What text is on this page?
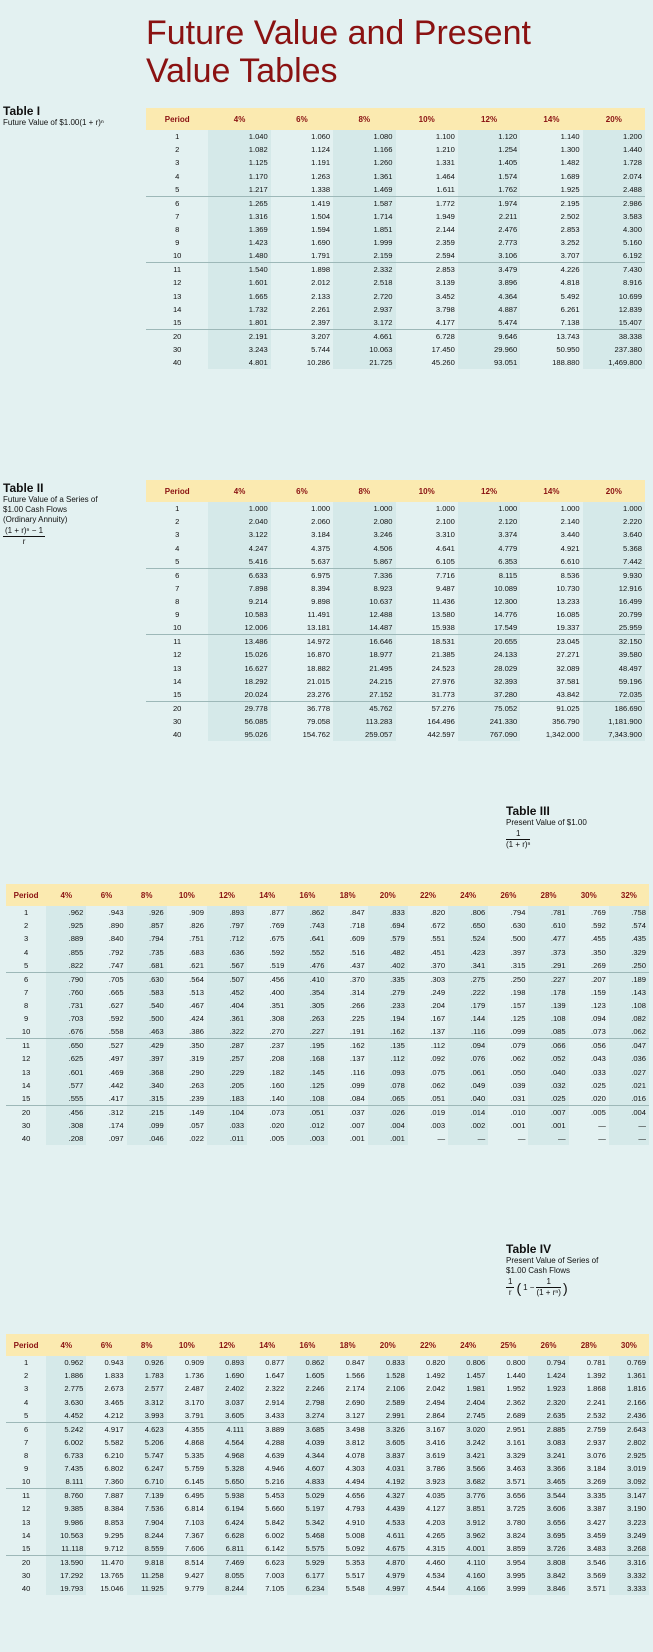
Future Value and Present
Value Tables
Table I
Future Value of $1.00(1 + r)ⁿ	Period	4%	6%	8%	10%	12%	14%	20%
1	1.040	1.060	1.080	1.100	1.120	1.140	1.200
2	1.082	1.124	1.166	1.210	1.254	1.300	1.440
3	1.125	1.191	1.260	1.331	1.405	1.482	1.728
4	1.170	1.263	1.361	1.464	1.574	1.689	2.074
5	1.217	1.338	1.469	1.611	1.762	1.925	2.488
6	1.265	1.419	1.587	1.772	1.974	2.195	2.986
7	1.316	1.504	1.714	1.949	2.211	2.502	3.583
8	1.369	1.594	1.851	2.144	2.476	2.853	4.300
9	1.423	1.690	1.999	2.359	2.773	3.252	5.160
10	1.480	1.791	2.159	2.594	3.106	3.707	6.192
11	1.540	1.898	2.332	2.853	3.479	4.226	7.430
12	1.601	2.012	2.518	3.139	3.896	4.818	8.916
13	1.665	2.133	2.720	3.452	4.364	5.492	10.699
14	1.732	2.261	2.937	3.798	4.887	6.261	12.839
15	1.801	2.397	3.172	4.177	5.474	7.138	15.407
20	2.191	3.207	4.661	6.728	9.646	13.743	38.338
30	3.243	5.744	10.063	17.450	29.960	50.950	237.380
40	4.801	10.286	21.725	45.260	93.051	188.880	1,469.800
Table II
Future Value of a Series of
$1.00 Cash Flows
(Ordinary Annuity)
$\frac{\text{(1 + r)ⁿ − 1}}{r}$
Period	4%	6%	8%	10%	12%	14%	20%
1	1.000	1.000	1.000	1.000	1.000	1.000	1.000
2	2.040	2.060	2.080	2.100	2.120	2.140	2.220
3	3.122	3.184	3.246	3.310	3.374	3.440	3.640
4	4.247	4.375	4.506	4.641	4.779	4.921	5.368
5	5.416	5.637	5.867	6.105	6.353	6.610	7.442
6	6.633	6.975	7.336	7.716	8.115	8.536	9.930
7	7.898	8.394	8.923	9.487	10.089	10.730	12.916
8	9.214	9.898	10.637	11.436	12.300	13.233	16.499
9	10.583	11.491	12.488	13.580	14.776	16.085	20.799
10	12.006	13.181	14.487	15.938	17.549	19.337	25.959
11	13.486	14.972	16.646	18.531	20.655	23.045	32.150
12	15.026	16.870	18.977	21.385	24.133	27.271	39.580
13	16.627	18.882	21.495	24.523	28.029	32.089	48.497
14	18.292	21.015	24.215	27.976	32.393	37.581	59.196
15	20.024	23.276	27.152	31.773	37.280	43.842	72.035
20	29.778	36.778	45.762	57.276	75.052	91.025	186.690
30	56.085	79.058	113.283	164.496	241.330	356.790	1,181.900
40	95.026	154.762	259.057	442.597	767.090	1,342.000	7,343.900
Table III
Present Value of $1.00
$\frac{1}{\text{(1 + r)ⁿ}}$
Period	4%	6%	8%	10%	12%	14%	16%	18%	20%	22%	24%	26%	28%	30%	32%
1	.962	.943	.926	.909	.893	.877	.862	.847	.833	.820	.806	.794	.781	.769	.758
2	.925	.890	.857	.826	.797	.769	.743	.718	.694	.672	.650	.630	.610	.592	.574
3	.889	.840	.794	.751	.712	.675	.641	.609	.579	.551	.524	.500	.477	.455	.435
4	.855	.792	.735	.683	.636	.592	.552	.516	.482	.451	.423	.397	.373	.350	.329
5	.822	.747	.681	.621	.567	.519	.476	.437	.402	.370	.341	.315	.291	.269	.250
6	.790	.705	.630	.564	.507	.456	.410	.370	.335	.303	.275	.250	.227	.207	.189
7	.760	.665	.583	.513	.452	.400	.354	.314	.279	.249	.222	.198	.178	.159	.143
8	.731	.627	.540	.467	.404	.351	.305	.266	.233	.204	.179	.157	.139	.123	.108
9	.703	.592	.500	.424	.361	.308	.263	.225	.194	.167	.144	.125	.108	.094	.082
10	.676	.558	.463	.386	.322	.270	.227	.191	.162	.137	.116	.099	.085	.073	.062
11	.650	.527	.429	.350	.287	.237	.195	.162	.135	.112	.094	.079	.066	.056	.047
12	.625	.497	.397	.319	.257	.208	.168	.137	.112	.092	.076	.062	.052	.043	.036
13	.601	.469	.368	.290	.229	.182	.145	.116	.093	.075	.061	.050	.040	.033	.027
14	.577	.442	.340	.263	.205	.160	.125	.099	.078	.062	.049	.039	.032	.025	.021
15	.555	.417	.315	.239	.183	.140	.108	.084	.065	.051	.040	.031	.025	.020	.016
20	.456	.312	.215	.149	.104	.073	.051	.037	.026	.019	.014	.010	.007	.005	.004
30	.308	.174	.099	.057	.033	.020	.012	.007	.004	.003	.002	.001	.001	—	—
40	.208	.097	.046	.022	.011	.005	.003	.001	.001	—	—	—	—	—	—
Table IV
Present Value of Series of
$1.00 Cash Flows
$\frac{1}{r}$ ( $1 - \frac{1}{\text{(1 + rⁿ)}}$ )
Period	4%	6%	8%	10%	12%	14%	16%	18%	20%	22%	24%	25%	26%	28%	30%
1	0.962	0.943	0.926	0.909	0.893	0.877	0.862	0.847	0.833	0.820	0.806	0.800	0.794	0.781	0.769
2	1.886	1.833	1.783	1.736	1.690	1.647	1.605	1.566	1.528	1.492	1.457	1.440	1.424	1.392	1.361
3	2.775	2.673	2.577	2.487	2.402	2.322	2.246	2.174	2.106	2.042	1.981	1.952	1.923	1.868	1.816
4	3.630	3.465	3.312	3.170	3.037	2.914	2.798	2.690	2.589	2.494	2.404	2.362	2.320	2.241	2.166
5	4.452	4.212	3.993	3.791	3.605	3.433	3.274	3.127	2.991	2.864	2.745	2.689	2.635	2.532	2.436
6	5.242	4.917	4.623	4.355	4.111	3.889	3.685	3.498	3.326	3.167	3.020	2.951	2.885	2.759	2.643
7	6.002	5.582	5.206	4.868	4.564	4.288	4.039	3.812	3.605	3.416	3.242	3.161	3.083	2.937	2.802
8	6.733	6.210	5.747	5.335	4.968	4.639	4.344	4.078	3.837	3.619	3.421	3.329	3.241	3.076	2.925
9	7.435	6.802	6.247	5.759	5.328	4.946	4.607	4.303	4.031	3.786	3.566	3.463	3.366	3.184	3.019
10	8.111	7.360	6.710	6.145	5.650	5.216	4.833	4.494	4.192	3.923	3.682	3.571	3.465	3.269	3.092
11	8.760	7.887	7.139	6.495	5.938	5.453	5.029	4.656	4.327	4.035	3.776	3.656	3.544	3.335	3.147
12	9.385	8.384	7.536	6.814	6.194	5.660	5.197	4.793	4.439	4.127	3.851	3.725	3.606	3.387	3.190
13	9.986	8.853	7.904	7.103	6.424	5.842	5.342	4.910	4.533	4.203	3.912	3.780	3.656	3.427	3.223
14	10.563	9.295	8.244	7.367	6.628	6.002	5.468	5.008	4.611	4.265	3.962	3.824	3.695	3.459	3.249
15	11.118	9.712	8.559	7.606	6.811	6.142	5.575	5.092	4.675	4.315	4.001	3.859	3.726	3.483	3.268
20	13.590	11.470	9.818	8.514	7.469	6.623	5.929	5.353	4.870	4.460	4.110	3.954	3.808	3.546	3.316
30	17.292	13.765	11.258	9.427	8.055	7.003	6.177	5.517	4.979	4.534	4.160	3.995	3.842	3.569	3.332
40	19.793	15.046	11.925	9.779	8.244	7.105	6.234	5.548	4.997	4.544	4.166	3.999	3.846	3.571	3.333
